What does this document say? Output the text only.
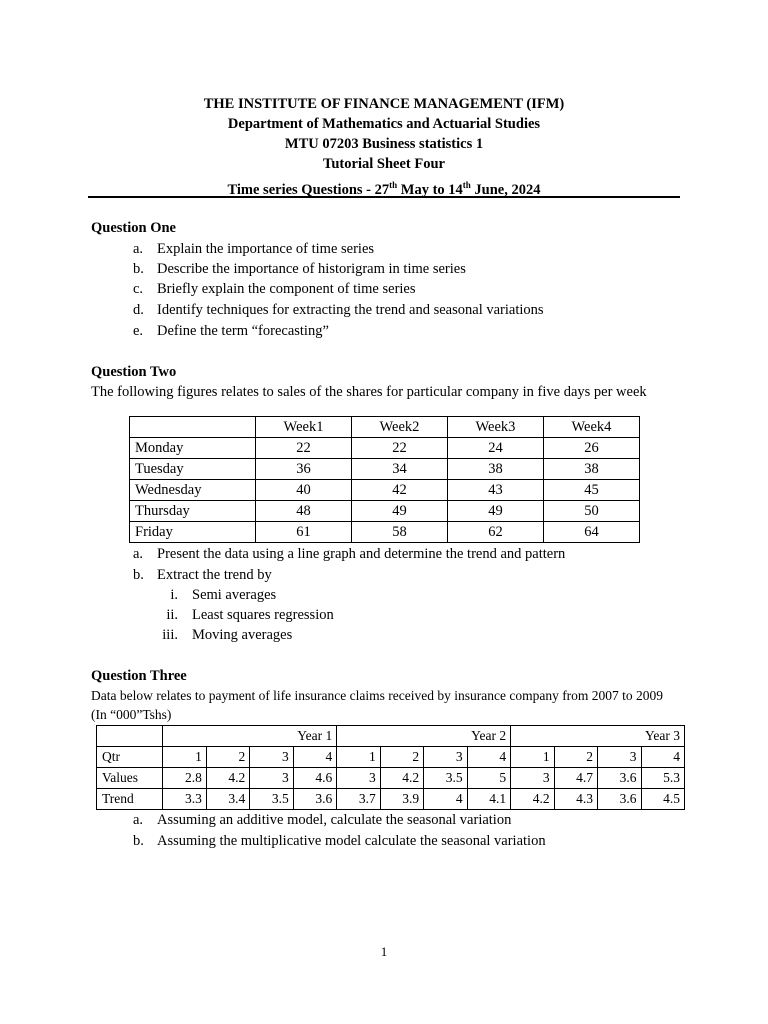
THE INSTITUTE OF FINANCE MANAGEMENT (IFM)
Department of Mathematics and Actuarial Studies
MTU 07203 Business statistics 1
Tutorial Sheet Four
Time series Questions - 27th May to 14th June, 2024
Question One
a. Explain the importance of time series
b. Describe the importance of historigram in time series
c. Briefly explain the component of time series
d. Identify techniques for extracting the trend and seasonal variations
e. Define the term “forecasting”
Question Two
The following figures relates to sales of the shares for particular company in five days per week
	Week1	Week2	Week3	Week4
Monday	22	22	24	26
Tuesday	36	34	38	38
Wednesday	40	42	43	45
Thursday	48	49	49	50
Friday	61	58	62	64
a. Present the data using a line graph and determine the trend and pattern
b. Extract the trend by
i. Semi averages
ii. Least squares regression
iii. Moving averages
Question Three
Data below relates to payment of life insurance claims received by insurance company from 2007 to 2009
(In “000”Tshs)
	Year 1				Year 2				Year 3			
Qtr	1	2	3	4	1	2	3	4	1	2	3	4
Values	2.8	4.2	3	4.6	3	4.2	3.5	5	3	4.7	3.6	5.3
Trend	3.3	3.4	3.5	3.6	3.7	3.9	4	4.1	4.2	4.3	3.6	4.5
a. Assuming an additive model, calculate the seasonal variation
b. Assuming the multiplicative model calculate the seasonal variation
1
